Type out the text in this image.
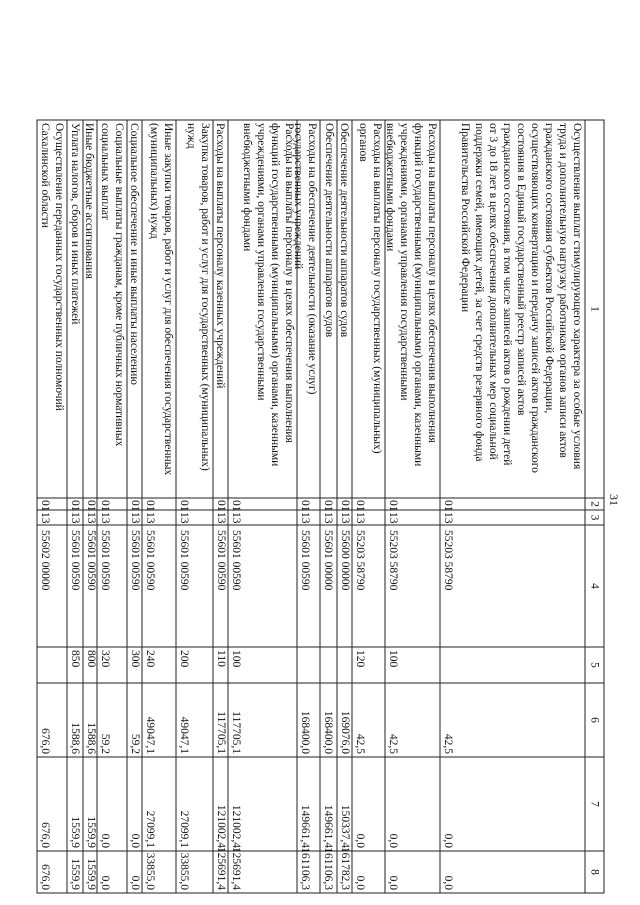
31
1
2
3
4
5
6
7
8
Осуществление выплат стимулирующего характера за особые условия
труда и дополнительную нагрузку работникам органов записи актов
гражданского состояния субъектов Российской Федерации,
осуществляющих конвертацию и передачу записей актов гражданского
состояния в Единый государственный реестр записей актов
гражданского состояния, в том числе записей актов о рождении детей
от 3 до 18 лет в целях обеспечения дополнительных мер социальной
поддержки семей, имеющих детей, за счет средств резервного фонда
Правительства Российской Федерации
01
13
55203 58790
42,5
0,0
0,0
Расходы на выплаты персоналу в целях обеспечения выполнения
функций государственными (муниципальными) органами, казенными
учреждениями, органами управления государственными
внебюджетными фондами
01
13
55203 58790
100
42,5
0,0
0,0
Расходы на выплаты персоналу государственных (муниципальных)
органов
01
13
55203 58790
120
42,5
0,0
0,0
Обеспечение деятельности аппаратов судов
01
13
55600 00000
169076,0
150337,4
161782,3
Обеспечение деятельности аппаратов судов
01
13
55601 00000
168400,0
149661,4
161106,3
Расходы на обеспечение деятельности (оказание услуг)
государственных учреждений
01
13
55601 00590
168400,0
149661,4
161106,3
Расходы на выплаты персоналу в целях обеспечения выполнения
функций государственными (муниципальными) органами, казенными
учреждениями, органами управления государственными
внебюджетными фондами
01
13
55601 00590
100
117705,1
121002,4
125691,4
Расходы на выплаты персоналу казенных учреждений
01
13
55601 00590
110
117705,1
121002,4
125691,4
Закупка товаров, работ и услуг для государственных (муниципальных)
нужд
01
13
55601 00590
200
49047,1
27099,1
33855,0
Иные закупки товаров, работ и услуг для обеспечения государственных
(муниципальных) нужд
01
13
55601 00590
240
49047,1
27099,1
33855,0
Социальное обеспечение и иные выплаты населению
01
13
55601 00590
300
59,2
0,0
0,0
Социальные выплаты гражданам, кроме публичных нормативных
социальных выплат
01
13
55601 00590
320
59,2
0,0
0,0
Иные бюджетные ассигнования
01
13
55601 00590
800
1588,6
1559,9
1559,9
Уплата налогов, сборов и иных платежей
01
13
55601 00590
850
1588,6
1559,9
1559,9
Осуществление переданных государственных полномочий
Сахалинской области
01
13
55602 00000
676,0
676,0
676,0
